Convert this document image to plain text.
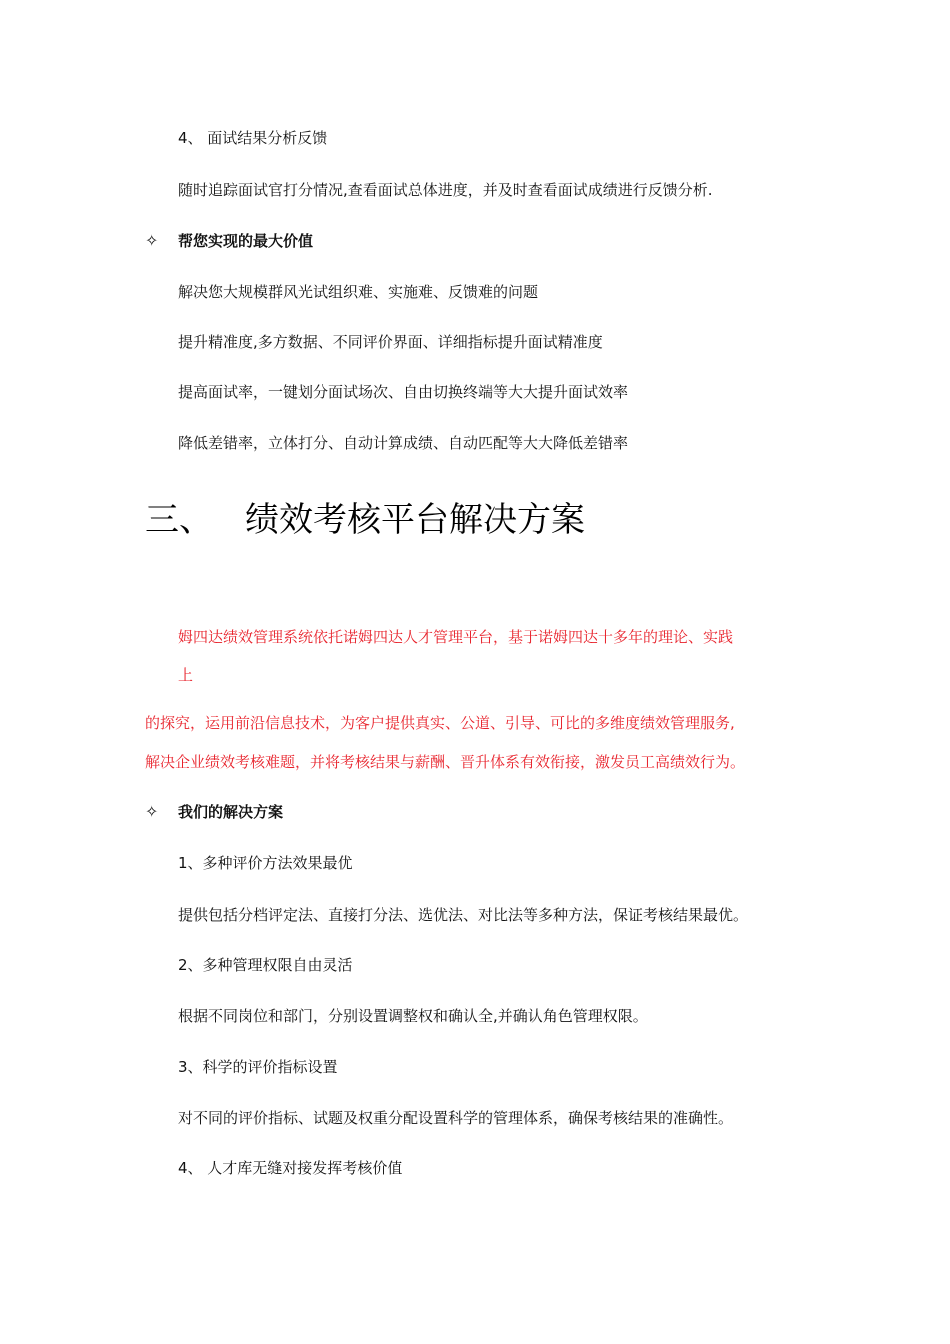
4、 面试结果分析反馈
随时追踪面试官打分情况,查看面试总体进度，并及时查看面试成绩进行反馈分析.
✧	帮您实现的最大价值
解决您大规模群风光试组织难、实施难、反馈难的问题
提升精准度,多方数据、不同评价界面、详细指标提升面试精准度
提高面试率，一键划分面试场次、自由切换终端等大大提升面试效率
降低差错率，立体打分、自动计算成绩、自动匹配等大大降低差错率
三、 绩效考核平台解决方案
姆四达绩效管理系统依托诺姆四达人才管理平台，基于诺姆四达十多年的理论、实践
上
的探究，运用前沿信息技术，为客户提供真实、公道、引导、可比的多维度绩效管理服务,
解决企业绩效考核难题，并将考核结果与薪酬、晋升体系有效衔接，激发员工高绩效行为。
✧	我们的解决方案
1、多种评价方法效果最优
提供包括分档评定法、直接打分法、选优法、对比法等多种方法，保证考核结果最优。
2、多种管理权限自由灵活
根据不同岗位和部门，分别设置调整权和确认全,并确认角色管理权限。
3、科学的评价指标设置
对不同的评价指标、试题及权重分配设置科学的管理体系，确保考核结果的准确性。
4、 人才库无缝对接发挥考核价值
